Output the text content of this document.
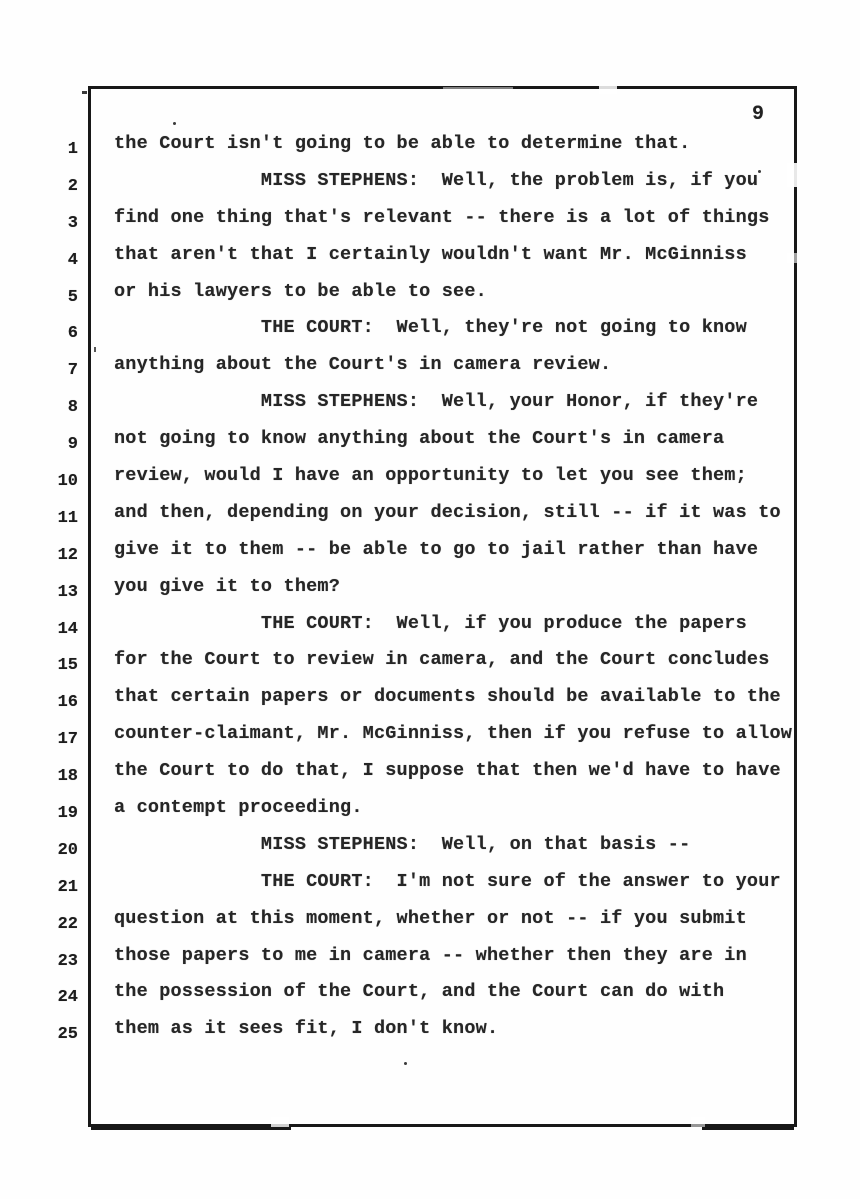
9
1
2
3
4
5
6
7
8
9
10
11
12
13
14
15
16
17
18
19
20
21
22
23
24
25
the Court isn't going to be able to determine that.
MISS STEPHENS:  Well, the problem is, if you
find one thing that's relevant -- there is a lot of things
that aren't that I certainly wouldn't want Mr. McGinniss
or his lawyers to be able to see.
THE COURT:  Well, they're not going to know
anything about the Court's in camera review.
MISS STEPHENS:  Well, your Honor, if they're
not going to know anything about the Court's in camera
review, would I have an opportunity to let you see them;
and then, depending on your decision, still -- if it was to
give it to them -- be able to go to jail rather than have
you give it to them?
THE COURT:  Well, if you produce the papers
for the Court to review in camera, and the Court concludes
that certain papers or documents should be available to the
counter-claimant, Mr. McGinniss, then if you refuse to allow
the Court to do that, I suppose that then we'd have to have
a contempt proceeding.
MISS STEPHENS:  Well, on that basis --
THE COURT:  I'm not sure of the answer to your
question at this moment, whether or not -- if you submit
those papers to me in camera -- whether then they are in
the possession of the Court, and the Court can do with
them as it sees fit, I don't know.
